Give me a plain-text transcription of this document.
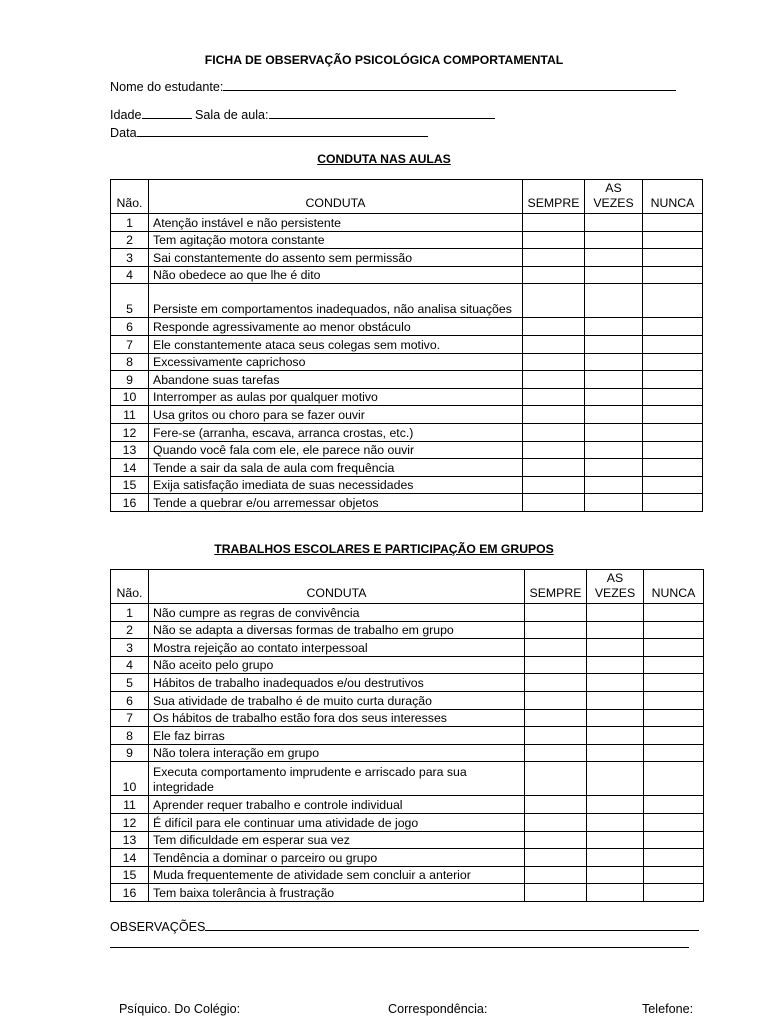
FICHA DE OBSERVAÇÃO PSICOLÓGICA COMPORTAMENTAL
Nome do estudante:
Idade	Sala de aula:
Data
CONDUTA NAS AULAS
Não.	CONDUTA	SEMPRE	AS VEZES	NUNCA
1	Atenção instável e não persistente			
2	Tem agitação motora constante			
3	Sai constantemente do assento sem permissão			
4	Não obedece ao que lhe é dito			
5	Persiste em comportamentos inadequados, não analisa situações			
6	Responde agressivamente ao menor obstáculo			
7	Ele constantemente ataca seus colegas sem motivo.			
8	Excessivamente caprichoso			
9	Abandone suas tarefas			
10	Interromper as aulas por qualquer motivo			
11	Usa gritos ou choro para se fazer ouvir			
12	Fere-se (arranha, escava, arranca crostas, etc.)			
13	Quando você fala com ele, ele parece não ouvir			
14	Tende a sair da sala de aula com frequência			
15	Exija satisfação imediata de suas necessidades			
16	Tende a quebrar e/ou arremessar objetos			
TRABALHOS ESCOLARES E PARTICIPAÇÃO EM GRUPOS
Não.	CONDUTA	SEMPRE	AS VEZES	NUNCA
1	Não cumpre as regras de convivência			
2	Não se adapta a diversas formas de trabalho em grupo			
3	Mostra rejeição ao contato interpessoal			
4	Não aceito pelo grupo			
5	Hábitos de trabalho inadequados e/ou destrutivos			
6	Sua atividade de trabalho é de muito curta duração			
7	Os hábitos de trabalho estão fora dos seus interesses			
8	Ele faz birras			
9	Não tolera interação em grupo			
10	Executa comportamento imprudente e arriscado para sua integridade			
11	Aprender requer trabalho e controle individual			
12	É difícil para ele continuar uma atividade de jogo			
13	Tem dificuldade em esperar sua vez			
14	Tendência a dominar o parceiro ou grupo			
15	Muda frequentemente de atividade sem concluir a anterior			
16	Tem baixa tolerância à frustração			
OBSERVAÇÕES
Psíquico. Do Colégio:	Correspondência:	Telefone:
